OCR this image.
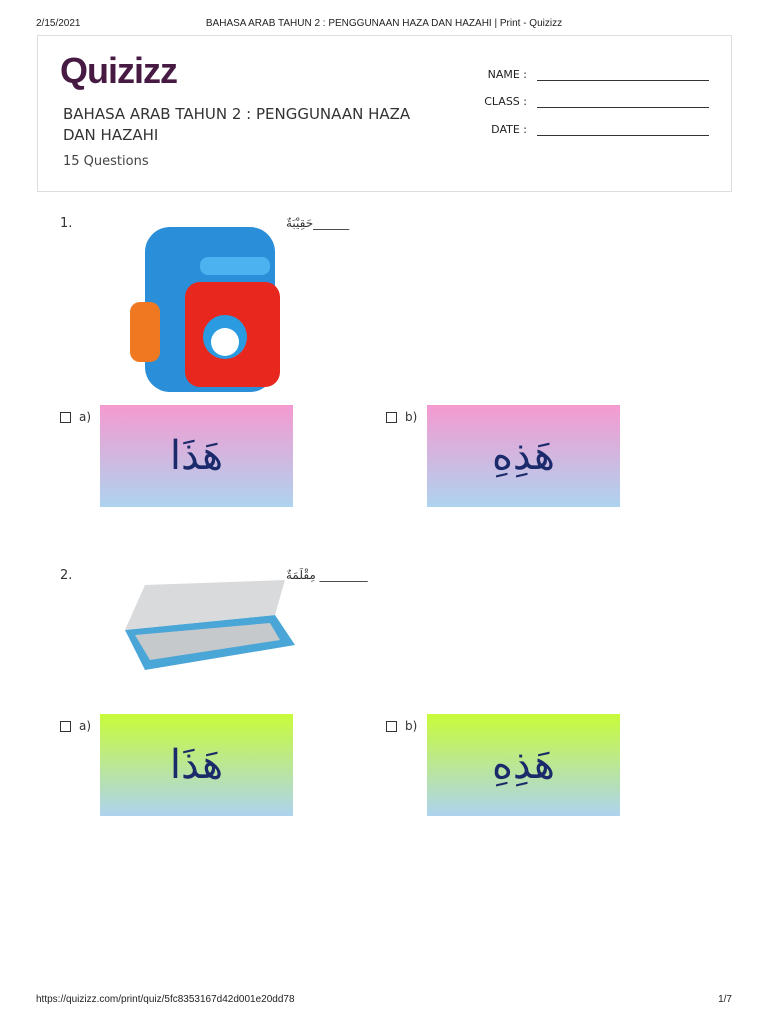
2/15/2021	BAHASA ARAB TAHUN 2 : PENGGUNAAN HAZA DAN HAZAHI | Print - Quizizz
Quizizz
BAHASA ARAB TAHUN 2 : PENGGUNAAN HAZA DAN HAZAHI
15 Questions
NAME :
CLASS :
DATE :
1.	حَقِيْبَةٌ______
a)
هَذَا
b)
هَذِهِ
2.	مِقْلَمَةٌ ________
a)
هَذَا
b)
هَذِهِ
https://quizizz.com/print/quiz/5fc8353167d42d001e20dd78	1/7
